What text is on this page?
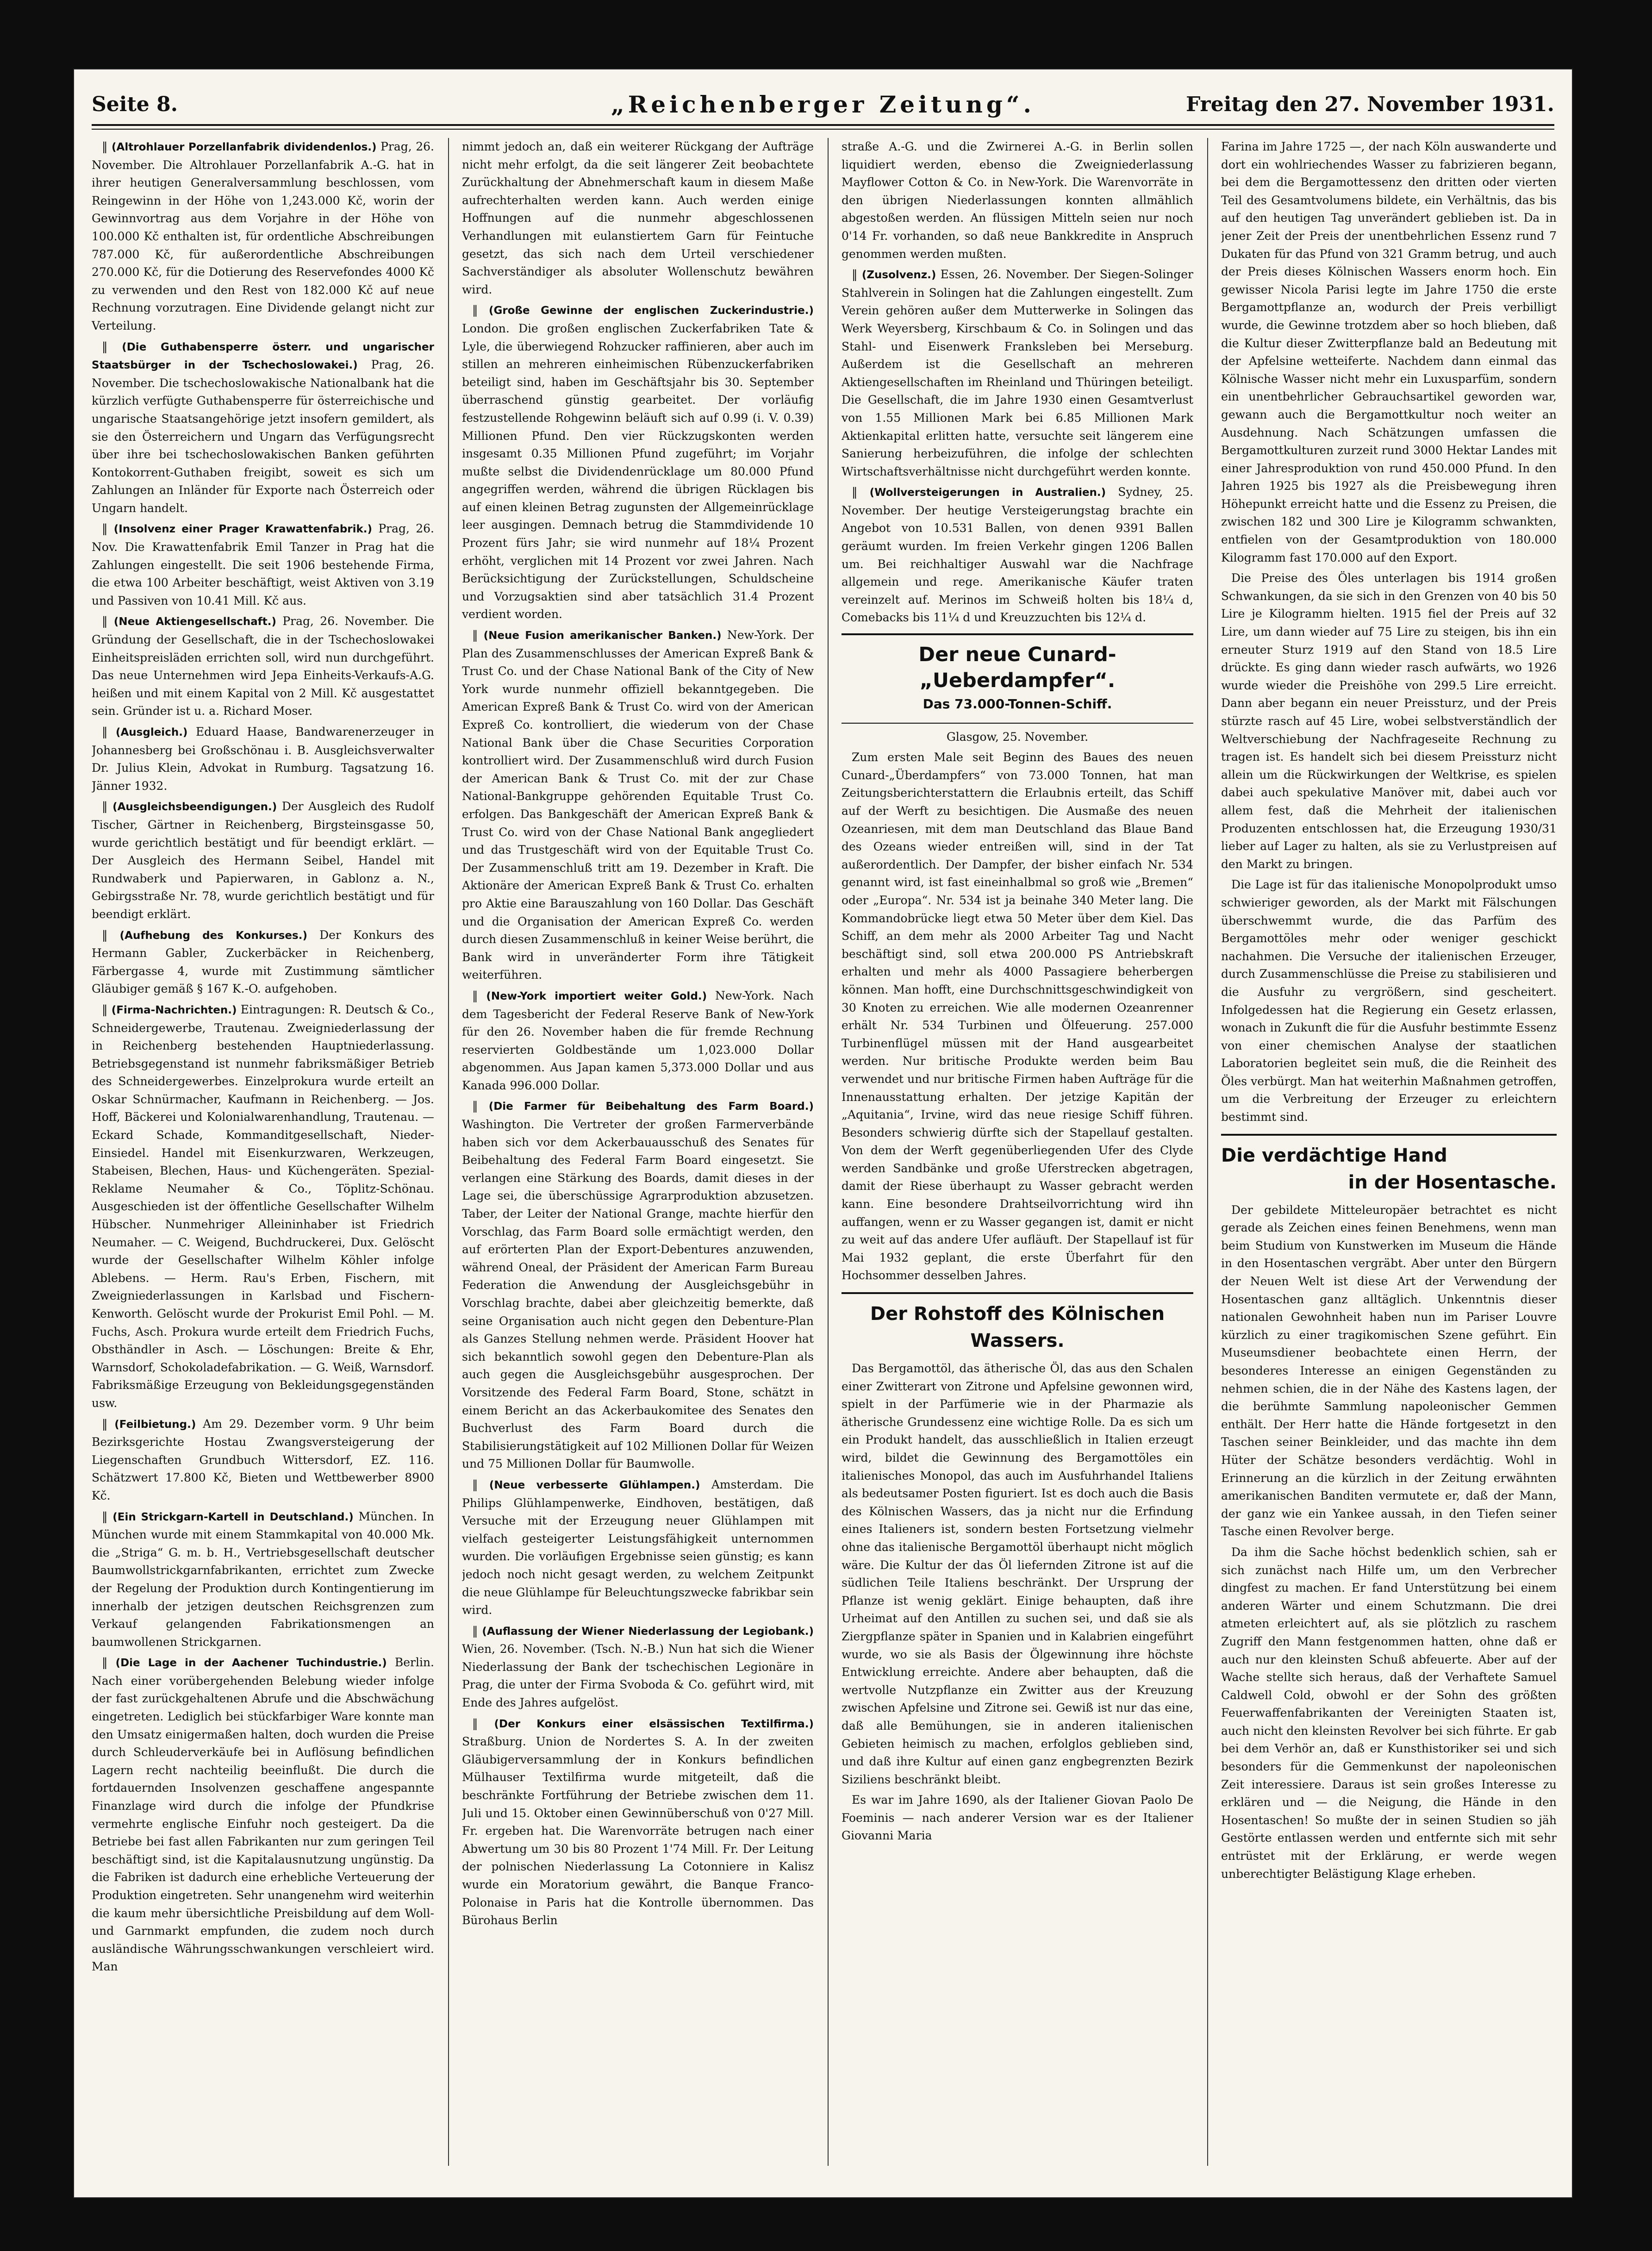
Seite 8.	„Reichenberger Zeitung“.	Freitag den 27. November 1931.

‖ (Altrohlauer Porzellanfabrik dividendenlos.) Prag, 26. November. Die Altrohlauer Porzellanfabrik A.-G. hat in ihrer heutigen Generalversammlung beschlossen, vom Reingewinn in der Höhe von 1,243.000 Kč, worin der Gewinnvortrag aus dem Vorjahre in der Höhe von 100.000 Kč enthalten ist, für ordentliche Abschreibungen 787.000 Kč, für außerordentliche Abschreibungen 270.000 Kč, für die Dotierung des Reservefondes 4000 Kč zu verwenden und den Rest von 182.000 Kč auf neue Rechnung vorzutragen. Eine Dividende gelangt nicht zur Verteilung.

‖ (Die Guthabensperre österr. und ungarischer Staatsbürger in der Tschechoslowakei.) Prag, 26. November. Die tschechoslowakische Nationalbank hat die kürzlich verfügte Guthabensperre für österreichische und ungarische Staatsangehörige jetzt insofern gemildert, als sie den Österreichern und Ungarn das Verfügungsrecht über ihre bei tschechoslowakischen Banken geführten Kontokorrent-Guthaben freigibt, soweit es sich um Zahlungen an Inländer für Exporte nach Österreich oder Ungarn handelt.

‖ (Insolvenz einer Prager Krawattenfabrik.) Prag, 26. Nov. Die Krawattenfabrik Emil Tanzer in Prag hat die Zahlungen eingestellt. Die seit 1906 bestehende Firma, die etwa 100 Arbeiter beschäftigt, weist Aktiven von 3.19 und Passiven von 10.41 Mill. Kč aus.

‖ (Neue Aktiengesellschaft.) Prag, 26. November. Die Gründung der Gesellschaft, die in der Tschechoslowakei Einheitspreisläden errichten soll, wird nun durchgeführt. Das neue Unternehmen wird Jepa Einheits-Verkaufs-A.G. heißen und mit einem Kapital von 2 Mill. Kč ausgestattet sein. Gründer ist u. a. Richard Moser.

‖ (Ausgleich.) Eduard Haase, Bandwarenerzeuger in Johannesberg bei Großschönau i. B. Ausgleichsverwalter Dr. Julius Klein, Advokat in Rumburg. Tagsatzung 16. Jänner 1932.

‖ (Ausgleichsbeendigungen.) Der Ausgleich des Rudolf Tischer, Gärtner in Reichenberg, Birgsteinsgasse 50, wurde gerichtlich bestätigt und für beendigt erklärt. — Der Ausgleich des Hermann Seibel, Handel mit Rundwaberk und Papierwaren, in Gablonz a. N., Gebirgsstraße Nr. 78, wurde gerichtlich bestätigt und für beendigt erklärt.

‖ (Aufhebung des Konkurses.) Der Konkurs des Hermann Gabler, Zuckerbäcker in Reichenberg, Färbergasse 4, wurde mit Zustimmung sämtlicher Gläubiger gemäß § 167 K.-O. aufgehoben.

‖ (Firma-Nachrichten.) Eintragungen: R. Deutsch & Co., Schneidergewerbe, Trautenau. Zweigniederlassung der in Reichenberg bestehenden Hauptniederlassung. Betriebsgegenstand ist nunmehr fabriksmäßiger Betrieb des Schneidergewerbes. Einzelprokura wurde erteilt an Oskar Schnürmacher, Kaufmann in Reichenberg. — Jos. Hoff, Bäckerei und Kolonialwarenhandlung, Trautenau. — Eckard Schade, Kommanditgesellschaft, Nieder-Einsiedel. Handel mit Eisenkurzwaren, Werkzeugen, Stabeisen, Blechen, Haus- und Küchengeräten. Spezial-Reklame Neumaher & Co., Töplitz-Schönau. Ausgeschieden ist der öffentliche Gesellschafter Wilhelm Hübscher. Nunmehriger Alleininhaber ist Friedrich Neumaher. — C. Weigend, Buchdruckerei, Dux. Gelöscht wurde der Gesellschafter Wilhelm Köhler infolge Ablebens. — Herm. Rau's Erben, Fischern, mit Zweigniederlassungen in Karlsbad und Fischern-Kenworth. Gelöscht wurde der Prokurist Emil Pohl. — M. Fuchs, Asch. Prokura wurde erteilt dem Friedrich Fuchs, Obsthändler in Asch. — Löschungen: Breite & Ehr, Warnsdorf, Schokoladefabrikation. — G. Weiß, Warnsdorf. Fabriksmäßige Erzeugung von Bekleidungsgegenständen usw.

‖ (Feilbietung.) Am 29. Dezember vorm. 9 Uhr beim Bezirksgerichte Hostau Zwangsversteigerung der Liegenschaften Grundbuch Wittersdorf, EZ. 116. Schätzwert 17.800 Kč, Bieten und Wettbewerber 8900 Kč.

‖ (Ein Strickgarn-Kartell in Deutschland.) München. In München wurde mit einem Stammkapital von 40.000 Mk. die „Striga“ G. m. b. H., Vertriebsgesellschaft deutscher Baumwollstrickgarnfabrikanten, errichtet zum Zwecke der Regelung der Produktion durch Kontingentierung im innerhalb der jetzigen deutschen Reichsgrenzen zum Verkauf gelangenden Fabrikationsmengen an baumwollenen Strickgarnen.

‖ (Die Lage in der Aachener Tuchindustrie.) Berlin. Nach einer vorübergehenden Belebung wieder infolge der fast zurückgehaltenen Abrufe und die Abschwächung eingetreten. Lediglich bei stückfarbiger Ware konnte man den Umsatz einigermaßen halten, doch wurden die Preise durch Schleuderverkäufe bei in Auflösung befindlichen Lagern recht nachteilig beeinflußt. Die durch die fortdauernden Insolvenzen geschaffene angespannte Finanzlage wird durch die infolge der Pfundkrise vermehrte englische Einfuhr noch gesteigert. Da die Betriebe bei fast allen Fabrikanten nur zum geringen Teil beschäftigt sind, ist die Kapitalausnutzung ungünstig. Da die Fabriken ist dadurch eine erhebliche Verteuerung der Produktion eingetreten. Sehr unangenehm wird weiterhin die kaum mehr übersichtliche Preisbildung auf dem Woll- und Garnmarkt empfunden, die zudem noch durch ausländische Währungsschwankungen verschleiert wird. Man

nimmt jedoch an, daß ein weiterer Rückgang der Aufträge nicht mehr erfolgt, da die seit längerer Zeit beobachtete Zurückhaltung der Abnehmerschaft kaum in diesem Maße aufrechterhalten werden kann. Auch werden einige Hoffnungen auf die nunmehr abgeschlossenen Verhandlungen mit eulanstiertem Garn für Feintuche gesetzt, das sich nach dem Urteil verschiedener Sachverständiger als absoluter Wollenschutz bewähren wird.

‖ (Große Gewinne der englischen Zuckerindustrie.) London. Die großen englischen Zuckerfabriken Tate & Lyle, die überwiegend Rohzucker raffinieren, aber auch im stillen an mehreren einheimischen Rübenzuckerfabriken beteiligt sind, haben im Geschäftsjahr bis 30. September überraschend günstig gearbeitet. Der vorläufig festzustellende Rohgewinn beläuft sich auf 0.99 (i. V. 0.39) Millionen Pfund. Den vier Rückzugskonten werden insgesamt 0.35 Millionen Pfund zugeführt; im Vorjahr mußte selbst die Dividendenrücklage um 80.000 Pfund angegriffen werden, während die übrigen Rücklagen bis auf einen kleinen Betrag zugunsten der Allgemeinrücklage leer ausgingen. Demnach betrug die Stammdividende 10 Prozent fürs Jahr; sie wird nunmehr auf 18¼ Prozent erhöht, verglichen mit 14 Prozent vor zwei Jahren. Nach Berücksichtigung der Zurückstellungen, Schuldscheine und Vorzugsaktien sind aber tatsächlich 31.4 Prozent verdient worden.

‖ (Neue Fusion amerikanischer Banken.) New-York. Der Plan des Zusammenschlusses der American Expreß Bank & Trust Co. und der Chase National Bank of the City of New York wurde nunmehr offiziell bekanntgegeben. Die American Expreß Bank & Trust Co. wird von der American Expreß Co. kontrolliert, die wiederum von der Chase National Bank über die Chase Securities Corporation kontrolliert wird. Der Zusammenschluß wird durch Fusion der American Bank & Trust Co. mit der zur Chase National-Bankgruppe gehörenden Equitable Trust Co. erfolgen. Das Bankgeschäft der American Expreß Bank & Trust Co. wird von der Chase National Bank angegliedert und das Trustgeschäft wird von der Equitable Trust Co. Der Zusammenschluß tritt am 19. Dezember in Kraft. Die Aktionäre der American Expreß Bank & Trust Co. erhalten pro Aktie eine Barauszahlung von 160 Dollar. Das Geschäft und die Organisation der American Expreß Co. werden durch diesen Zusammenschluß in keiner Weise berührt, die Bank wird in unveränderter Form ihre Tätigkeit weiterführen.

‖ (New-York importiert weiter Gold.) New-York. Nach dem Tagesbericht der Federal Reserve Bank of New-York für den 26. November haben die für fremde Rechnung reservierten Goldbestände um 1,023.000 Dollar abgenommen. Aus Japan kamen 5,373.000 Dollar und aus Kanada 996.000 Dollar.

‖ (Die Farmer für Beibehaltung des Farm Board.) Washington. Die Vertreter der großen Farmerverbände haben sich vor dem Ackerbauausschuß des Senates für Beibehaltung des Federal Farm Board eingesetzt. Sie verlangen eine Stärkung des Boards, damit dieses in der Lage sei, die überschüssige Agrarproduktion abzusetzen. Taber, der Leiter der National Grange, machte hierfür den Vorschlag, das Farm Board solle ermächtigt werden, den auf erörterten Plan der Export-Debentures anzuwenden, während Oneal, der Präsident der American Farm Bureau Federation die Anwendung der Ausgleichsgebühr in Vorschlag brachte, dabei aber gleichzeitig bemerkte, daß seine Organisation auch nicht gegen den Debenture-Plan als Ganzes Stellung nehmen werde. Präsident Hoover hat sich bekanntlich sowohl gegen den Debenture-Plan als auch gegen die Ausgleichsgebühr ausgesprochen. Der Vorsitzende des Federal Farm Board, Stone, schätzt in einem Bericht an das Ackerbaukomitee des Senates den Buchverlust des Farm Board durch die Stabilisierungstätigkeit auf 102 Millionen Dollar für Weizen und 75 Millionen Dollar für Baumwolle.

‖ (Neue verbesserte Glühlampen.) Amsterdam. Die Philips Glühlampenwerke, Eindhoven, bestätigen, daß Versuche mit der Erzeugung neuer Glühlampen mit vielfach gesteigerter Leistungsfähigkeit unternommen wurden. Die vorläufigen Ergebnisse seien günstig; es kann jedoch noch nicht gesagt werden, zu welchem Zeitpunkt die neue Glühlampe für Beleuchtungszwecke fabrikbar sein wird.

‖ (Auflassung der Wiener Niederlassung der Legiobank.) Wien, 26. November. (Tsch. N.-B.) Nun hat sich die Wiener Niederlassung der Bank der tschechischen Legionäre in Prag, die unter der Firma Svoboda & Co. geführt wird, mit Ende des Jahres aufgelöst.

‖ (Der Konkurs einer elsässischen Textilfirma.) Straßburg. Union de Nordertes S. A. In der zweiten Gläubigerversammlung der in Konkurs befindlichen Mülhauser Textilfirma wurde mitgeteilt, daß die beschränkte Fortführung der Betriebe zwischen dem 11. Juli und 15. Oktober einen Gewinnüberschuß von 0'27 Mill. Fr. ergeben hat. Die Warenvorräte betrugen nach einer Abwertung um 30 bis 80 Prozent 1'74 Mill. Fr. Der Leitung der polnischen Niederlassung La Cotonniere in Kalisz wurde ein Moratorium gewährt, die Banque Franco-Polonaise in Paris hat die Kontrolle übernommen. Das Bürohaus Berlin

straße A.-G. und die Zwirnerei A.-G. in Berlin sollen liquidiert werden, ebenso die Zweigniederlassung Mayflower Cotton & Co. in New-York. Die Warenvorräte in den übrigen Niederlassungen konnten allmählich abgestoßen werden. An flüssigen Mitteln seien nur noch 0'14 Fr. vorhanden, so daß neue Bankkredite in Anspruch genommen werden mußten.

‖ (Zusolvenz.) Essen, 26. November. Der Siegen-Solinger Stahlverein in Solingen hat die Zahlungen eingestellt. Zum Verein gehören außer dem Mutterwerke in Solingen das Werk Weyersberg, Kirschbaum & Co. in Solingen und das Stahl- und Eisenwerk Franksleben bei Merseburg. Außerdem ist die Gesellschaft an mehreren Aktiengesellschaften im Rheinland und Thüringen beteiligt. Die Gesellschaft, die im Jahre 1930 einen Gesamtverlust von 1.55 Millionen Mark bei 6.85 Millionen Mark Aktienkapital erlitten hatte, versuchte seit längerem eine Sanierung herbeizuführen, die infolge der schlechten Wirtschaftsverhältnisse nicht durchgeführt werden konnte.

‖ (Wollversteigerungen in Australien.) Sydney, 25. November. Der heutige Versteigerungstag brachte ein Angebot von 10.531 Ballen, von denen 9391 Ballen geräumt wurden. Im freien Verkehr gingen 1206 Ballen um. Bei reichhaltiger Auswahl war die Nachfrage allgemein und rege. Amerikanische Käufer traten vereinzelt auf. Merinos im Schweiß holten bis 18¼ d, Comebacks bis 11¼ d und Kreuzzuchten bis 12¼ d.

Der neue Cunard-„Ueberdampfer“.
Das 73.000-Tonnen-Schiff.

Glasgow, 25. November.

Zum ersten Male seit Beginn des Baues des neuen Cunard-„Überdampfers“ von 73.000 Tonnen, hat man Zeitungsberichterstattern die Erlaubnis erteilt, das Schiff auf der Werft zu besichtigen. Die Ausmaße des neuen Ozeanriesen, mit dem man Deutschland das Blaue Band des Ozeans wieder entreißen will, sind in der Tat außerordentlich. Der Dampfer, der bisher einfach Nr. 534 genannt wird, ist fast eineinhalbmal so groß wie „Bremen“ oder „Europa“. Nr. 534 ist ja beinahe 340 Meter lang. Die Kommandobrücke liegt etwa 50 Meter über dem Kiel. Das Schiff, an dem mehr als 2000 Arbeiter Tag und Nacht beschäftigt sind, soll etwa 200.000 PS Antriebskraft erhalten und mehr als 4000 Passagiere beherbergen können. Man hofft, eine Durchschnittsgeschwindigkeit von 30 Knoten zu erreichen. Wie alle modernen Ozeanrenner erhält Nr. 534 Turbinen und Ölfeuerung. 257.000 Turbinenflügel müssen mit der Hand ausgearbeitet werden. Nur britische Produkte werden beim Bau verwendet und nur britische Firmen haben Aufträge für die Innenausstattung erhalten. Der jetzige Kapitän der „Aquitania“, Irvine, wird das neue riesige Schiff führen. Besonders schwierig dürfte sich der Stapellauf gestalten. Von dem der Werft gegenüberliegenden Ufer des Clyde werden Sandbänke und große Uferstrecken abgetragen, damit der Riese überhaupt zu Wasser gebracht werden kann. Eine besondere Drahtseilvorrichtung wird ihn auffangen, wenn er zu Wasser gegangen ist, damit er nicht zu weit auf das andere Ufer aufläuft. Der Stapellauf ist für Mai 1932 geplant, die erste Überfahrt für den Hochsommer desselben Jahres.

Der Rohstoff des Kölnischen Wassers.

Das Bergamottöl, das ätherische Öl, das aus den Schalen einer Zwitterart von Zitrone und Apfelsine gewonnen wird, spielt in der Parfümerie wie in der Pharmazie als ätherische Grundessenz eine wichtige Rolle. Da es sich um ein Produkt handelt, das ausschließlich in Italien erzeugt wird, bildet die Gewinnung des Bergamottöles ein italienisches Monopol, das auch im Ausfuhrhandel Italiens als bedeutsamer Posten figuriert. Ist es doch auch die Basis des Kölnischen Wassers, das ja nicht nur die Erfindung eines Italieners ist, sondern besten Fortsetzung vielmehr ohne das italienische Bergamottöl überhaupt nicht möglich wäre. Die Kultur der das Öl liefernden Zitrone ist auf die südlichen Teile Italiens beschränkt. Der Ursprung der Pflanze ist wenig geklärt. Einige behaupten, daß ihre Urheimat auf den Antillen zu suchen sei, und daß sie als Ziergpflanze später in Spanien und in Kalabrien eingeführt wurde, wo sie als Basis der Ölgewinnung ihre höchste Entwicklung erreichte. Andere aber behaupten, daß die wertvolle Nutzpflanze ein Zwitter aus der Kreuzung zwischen Apfelsine und Zitrone sei. Gewiß ist nur das eine, daß alle Bemühungen, sie in anderen italienischen Gebieten heimisch zu machen, erfolglos geblieben sind, und daß ihre Kultur auf einen ganz engbegrenzten Bezirk Siziliens beschränkt bleibt.

Es war im Jahre 1690, als der Italiener Giovan Paolo De Foeminis — nach anderer Version war es der Italiener Giovanni Maria

Farina im Jahre 1725 —, der nach Köln auswanderte und dort ein wohlriechendes Wasser zu fabrizieren begann, bei dem die Bergamottessenz den dritten oder vierten Teil des Gesamtvolumens bildete, ein Verhältnis, das bis auf den heutigen Tag unverändert geblieben ist. Da in jener Zeit der Preis der unentbehrlichen Essenz rund 7 Dukaten für das Pfund von 321 Gramm betrug, und auch der Preis dieses Kölnischen Wassers enorm hoch. Ein gewisser Nicola Parisi legte im Jahre 1750 die erste Bergamottpflanze an, wodurch der Preis verbilligt wurde, die Gewinne trotzdem aber so hoch blieben, daß die Kultur dieser Zwitterpflanze bald an Bedeutung mit der Apfelsine wetteiferte. Nachdem dann einmal das Kölnische Wasser nicht mehr ein Luxusparfüm, sondern ein unentbehrlicher Gebrauchsartikel geworden war, gewann auch die Bergamottkultur noch weiter an Ausdehnung. Nach Schätzungen umfassen die Bergamottkulturen zurzeit rund 3000 Hektar Landes mit einer Jahresproduktion von rund 450.000 Pfund. In den Jahren 1925 bis 1927 als die Preisbewegung ihren Höhepunkt erreicht hatte und die Essenz zu Preisen, die zwischen 182 und 300 Lire je Kilogramm schwankten, entfielen von der Gesamtproduktion von 180.000 Kilogramm fast 170.000 auf den Export.

Die Preise des Öles unterlagen bis 1914 großen Schwankungen, da sie sich in den Grenzen von 40 bis 50 Lire je Kilogramm hielten. 1915 fiel der Preis auf 32 Lire, um dann wieder auf 75 Lire zu steigen, bis ihn ein erneuter Sturz 1919 auf den Stand von 18.5 Lire drückte. Es ging dann wieder rasch aufwärts, wo 1926 wurde wieder die Preishöhe von 299.5 Lire erreicht. Dann aber begann ein neuer Preissturz, und der Preis stürzte rasch auf 45 Lire, wobei selbstverständlich der Weltverschiebung der Nachfrageseite Rechnung zu tragen ist. Es handelt sich bei diesem Preissturz nicht allein um die Rückwirkungen der Weltkrise, es spielen dabei auch spekulative Manöver mit, dabei auch vor allem fest, daß die Mehrheit der italienischen Produzenten entschlossen hat, die Erzeugung 1930/31 lieber auf Lager zu halten, als sie zu Verlustpreisen auf den Markt zu bringen.

Die Lage ist für das italienische Monopolprodukt umso schwieriger geworden, als der Markt mit Fälschungen überschwemmt wurde, die das Parfüm des Bergamottöles mehr oder weniger geschickt nachahmen. Die Versuche der italienischen Erzeuger, durch Zusammenschlüsse die Preise zu stabilisieren und die Ausfuhr zu vergrößern, sind gescheitert. Infolgedessen hat die Regierung ein Gesetz erlassen, wonach in Zukunft die für die Ausfuhr bestimmte Essenz von einer chemischen Analyse der staatlichen Laboratorien begleitet sein muß, die die Reinheit des Öles verbürgt. Man hat weiterhin Maßnahmen getroffen, um die Verbreitung der Erzeuger zu erleichtern bestimmt sind.

Die verdächtige Hand
in der Hosentasche.

Der gebildete Mitteleuropäer betrachtet es nicht gerade als Zeichen eines feinen Benehmens, wenn man beim Studium von Kunstwerken im Museum die Hände in den Hosentaschen vergräbt. Aber unter den Bürgern der Neuen Welt ist diese Art der Verwendung der Hosentaschen ganz alltäglich. Unkenntnis dieser nationalen Gewohnheit haben nun im Pariser Louvre kürzlich zu einer tragikomischen Szene geführt. Ein Museumsdiener beobachtete einen Herrn, der besonderes Interesse an einigen Gegenständen zu nehmen schien, die in der Nähe des Kastens lagen, der die berühmte Sammlung napoleonischer Gemmen enthält. Der Herr hatte die Hände fortgesetzt in den Taschen seiner Beinkleider, und das machte ihn dem Hüter der Schätze besonders verdächtig. Wohl in Erinnerung an die kürzlich in der Zeitung erwähnten amerikanischen Banditen vermutete er, daß der Mann, der ganz wie ein Yankee aussah, in den Tiefen seiner Tasche einen Revolver berge.

Da ihm die Sache höchst bedenklich schien, sah er sich zunächst nach Hilfe um, um den Verbrecher dingfest zu machen. Er fand Unterstützung bei einem anderen Wärter und einem Schutzmann. Die drei atmeten erleichtert auf, als sie plötzlich zu raschem Zugriff den Mann festgenommen hatten, ohne daß er auch nur den kleinsten Schuß abfeuerte. Aber auf der Wache stellte sich heraus, daß der Verhaftete Samuel Caldwell Cold, obwohl er der Sohn des größten Feuerwaffenfabrikanten der Vereinigten Staaten ist, auch nicht den kleinsten Revolver bei sich führte. Er gab bei dem Verhör an, daß er Kunsthistoriker sei und sich besonders für die Gemmenkunst der napoleonischen Zeit interessiere. Daraus ist sein großes Interesse zu erklären und — die Neigung, die Hände in den Hosentaschen! So mußte der in seinen Studien so jäh Gestörte entlassen werden und entfernte sich mit sehr entrüstet mit der Erklärung, er werde wegen unberechtigter Belästigung Klage erheben.
